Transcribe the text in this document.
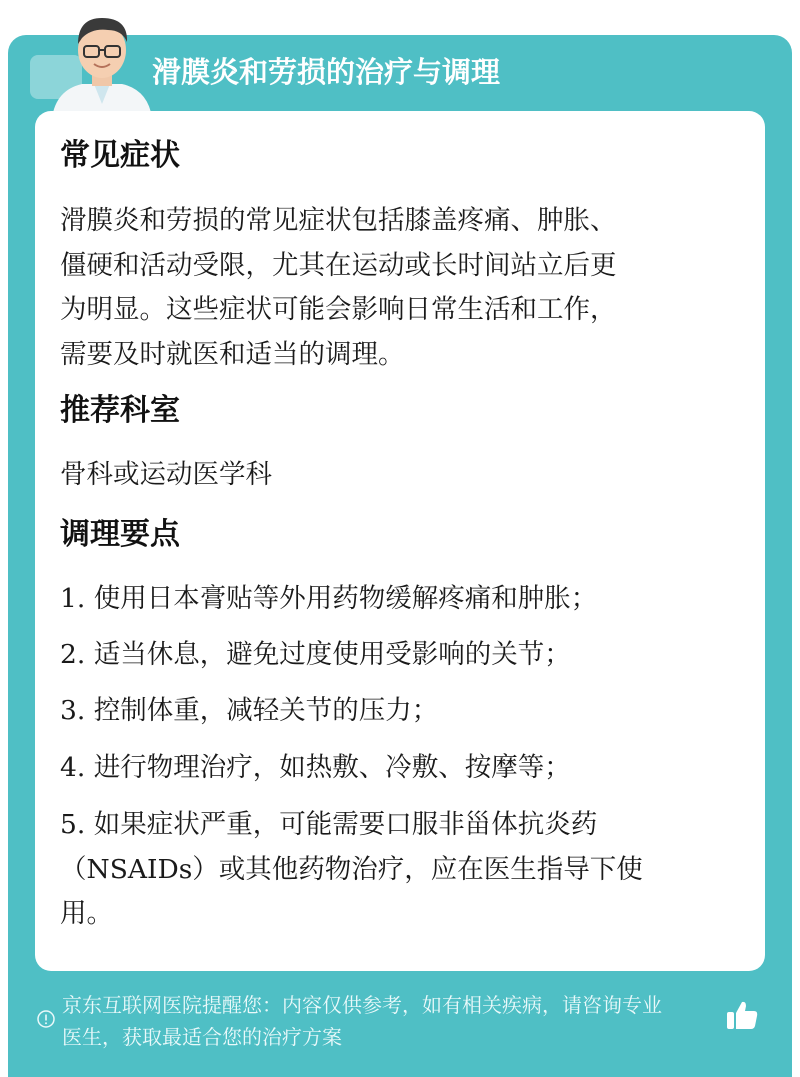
滑膜炎和劳损的治疗与调理
常见症状
滑膜炎和劳损的常见症状包括膝盖疼痛、肿胀、
僵硬和活动受限，尤其在运动或长时间站立后更
为明显。这些症状可能会影响日常生活和工作，
需要及时就医和适当的调理。
推荐科室
骨科或运动医学科
调理要点
1. 使用日本膏贴等外用药物缓解疼痛和肿胀；
2. 适当休息，避免过度使用受影响的关节；
3. 控制体重，减轻关节的压力；
4. 进行物理治疗，如热敷、冷敷、按摩等；
5. 如果症状严重，可能需要口服非甾体抗炎药
（NSAIDs）或其他药物治疗，应在医生指导下使
用。
京东互联网医院提醒您：内容仅供参考，如有相关疾病，请咨询专业
医生，获取最适合您的治疗方案
